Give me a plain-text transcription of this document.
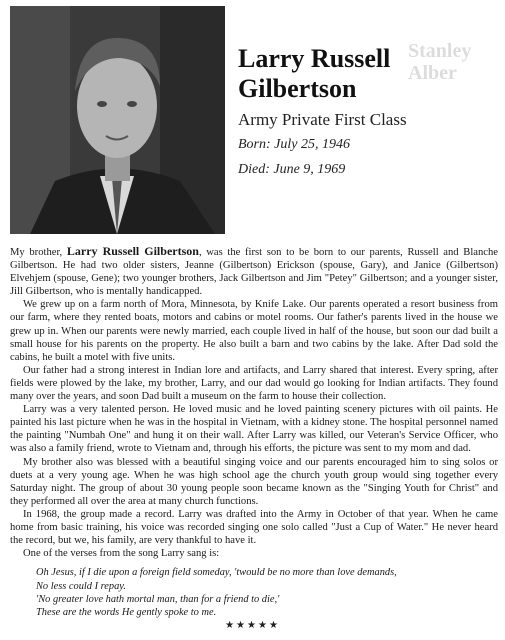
Stanley
Alber

Larry Russell
Gilbertson
Army Private First Class
Born: July 25, 1946
Died: June 9, 1969

My brother, Larry Russell Gilbertson, was the first son to be born to our parents, Russell and Blanche Gilbertson. He had two older sisters, Jeanne (Gilbertson) Erickson (spouse, Gary), and Janice (Gilbertson) Elvehjem (spouse, Gene); two younger brothers, Jack Gilbertson and Jim "Petey" Gilbertson; and a younger sister, Jill Gilbertson, who is mentally handicapped.

We grew up on a farm north of Mora, Minnesota, by Knife Lake. Our parents operated a resort business from our farm, where they rented boats, motors and cabins or motel rooms. Our father's parents lived in the house we grew up in. When our parents were newly married, each couple lived in half of the house, but soon our dad built a small house for his parents on the property. He also built a barn and two cabins by the lake. After Dad sold the cabins, he built a motel with five units.

Our father had a strong interest in Indian lore and artifacts, and Larry shared that interest. Every spring, after fields were plowed by the lake, my brother, Larry, and our dad would go looking for Indian artifacts. They found many over the years, and soon Dad built a museum on the farm to house their collection.

Larry was a very talented person. He loved music and he loved painting scenery pictures with oil paints. He painted his last picture when he was in the hospital in Vietnam, with a kidney stone. The hospital personnel named the painting "Numbah One" and hung it on their wall. After Larry was killed, our Veteran's Service Officer, who was also a family friend, wrote to Vietnam and, through his efforts, the picture was sent to my mom and dad.

My brother also was blessed with a beautiful singing voice and our parents encouraged him to sing solos or duets at a very young age. When he was high school age the church youth group would sing together every Saturday night. The group of about 30 young people soon became known as the "Singing Youth for Christ" and they performed all over the area at many church functions.

In 1968, the group made a record. Larry was drafted into the Army in October of that year. When he came home from basic training, his voice was recorded singing one solo called "Just a Cup of Water." He never heard the record, but we, his family, are very thankful to have it.

One of the verses from the song Larry sang is:

Oh Jesus, if I die upon a foreign field someday, 'twould be no more than love demands,
No less could I repay.
'No greater love hath mortal man, than for a friend to die,'
These are the words He gently spoke to me.
★★★★★
